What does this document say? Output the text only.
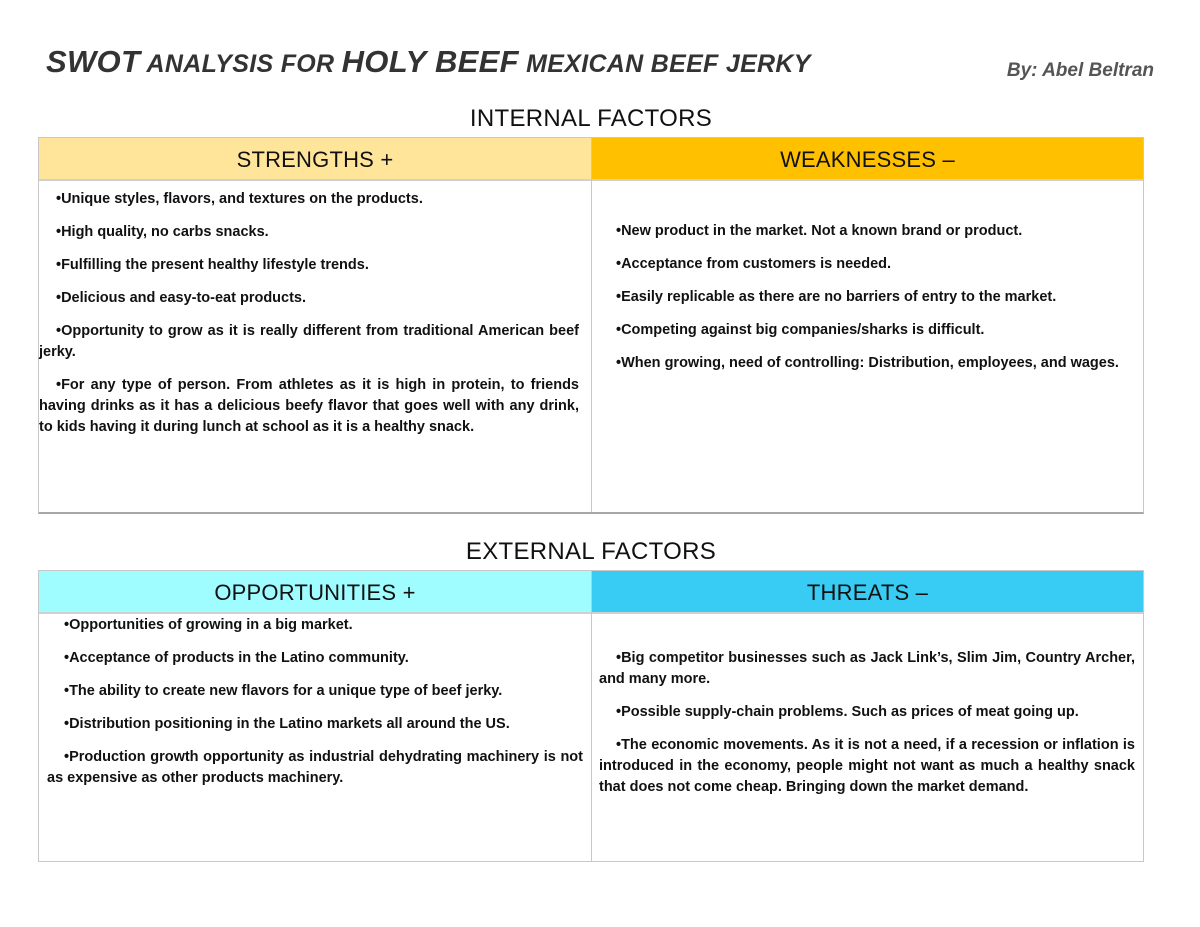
SWOT ANALYSIS FOR HOLY BEEF MEXICAN BEEF JERKY	By: Abel Beltran
INTERNAL FACTORS
STRENGTHS +
•Unique styles, flavors, and textures on the products.
•High quality, no carbs snacks.
•Fulfilling the present healthy lifestyle trends.
•Delicious and easy-to-eat products.
•Opportunity to grow as it is really different from traditional American beef jerky.
•For any type of person. From athletes as it is high in protein, to friends having drinks as it has a delicious beefy flavor that goes well with any drink, to kids having it during lunch at school as it is a healthy snack.
WEAKNESSES –
•New product in the market. Not a known brand or product.
•Acceptance from customers is needed.
•Easily replicable as there are no barriers of entry to the market.
•Competing against big companies/sharks is difficult.
•When growing, need of controlling: Distribution, employees, and wages.
EXTERNAL FACTORS
OPPORTUNITIES +
•Opportunities of growing in a big market.
•Acceptance of products in the Latino community.
•The ability to create new flavors for a unique type of beef jerky.
•Distribution positioning in the Latino markets all around the US.
•Production growth opportunity as industrial dehydrating machinery is not as expensive as other products machinery.
THREATS –
•Big competitor businesses such as Jack Link’s, Slim Jim, Country Archer, and many more.
•Possible supply-chain problems. Such as prices of meat going up.
•The economic movements. As it is not a need, if a recession or inflation is introduced in the economy, people might not want as much a healthy snack that does not come cheap. Bringing down the market demand.
